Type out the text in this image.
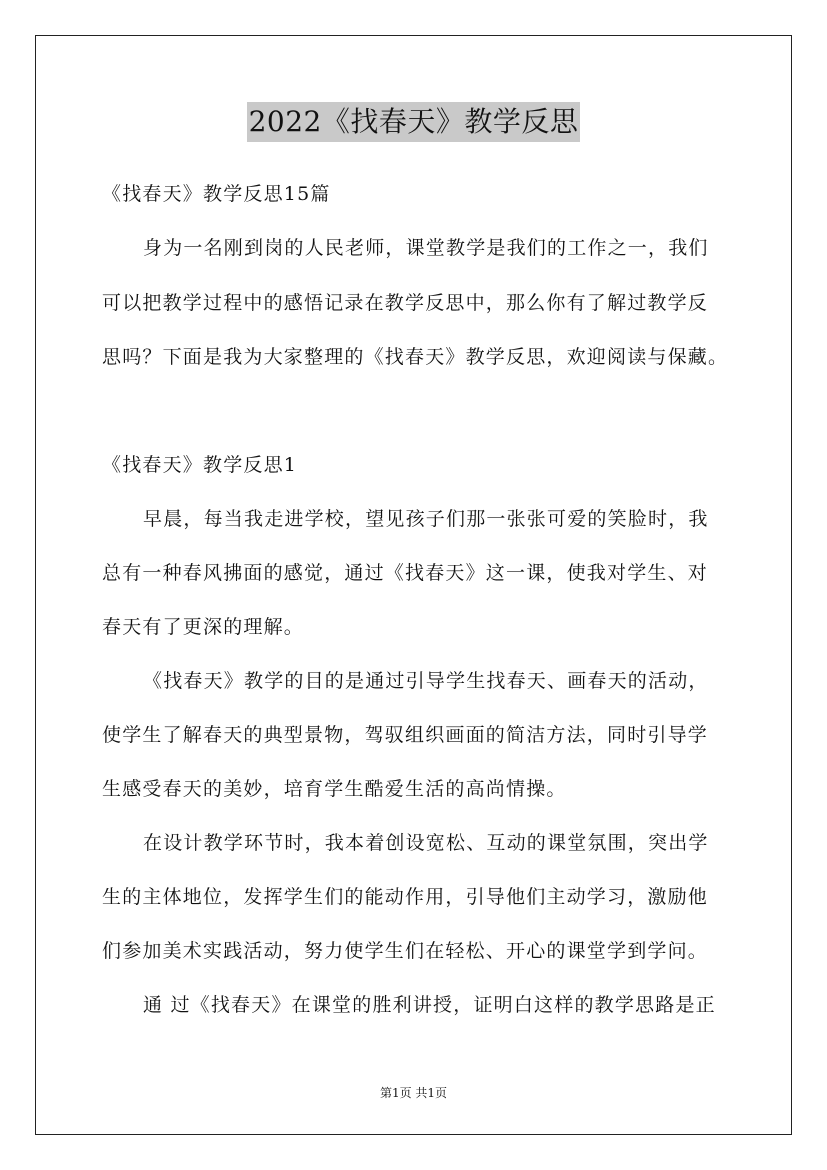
2022《找春天》教学反思
《找春天》教学反思15篇
身为一名刚到岗的人民老师，课堂教学是我们的工作之一，我们
可以把教学过程中的感悟记录在教学反思中，那么你有了解过教学反
思吗？下面是我为大家整理的《找春天》教学反思，欢迎阅读与保藏。
《找春天》教学反思1
早晨，每当我走进学校，望见孩子们那一张张可爱的笑脸时，我
总有一种春风拂面的感觉，通过《找春天》这一课，使我对学生、对
春天有了更深的理解。
《找春天》教学的目的是通过引导学生找春天、画春天的活动，
使学生了解春天的典型景物，驾驭组织画面的简洁方法，同时引导学
生感受春天的美妙，培育学生酷爱生活的高尚情操。
在设计教学环节时，我本着创设宽松、互动的课堂氛围，突出学
生的主体地位，发挥学生们的能动作用，引导他们主动学习，激励他
们参加美术实践活动，努力使学生们在轻松、开心的课堂学到学问。
通 过《找春天》在课堂的胜利讲授，证明白这样的教学思路是正
第1页 共1页
